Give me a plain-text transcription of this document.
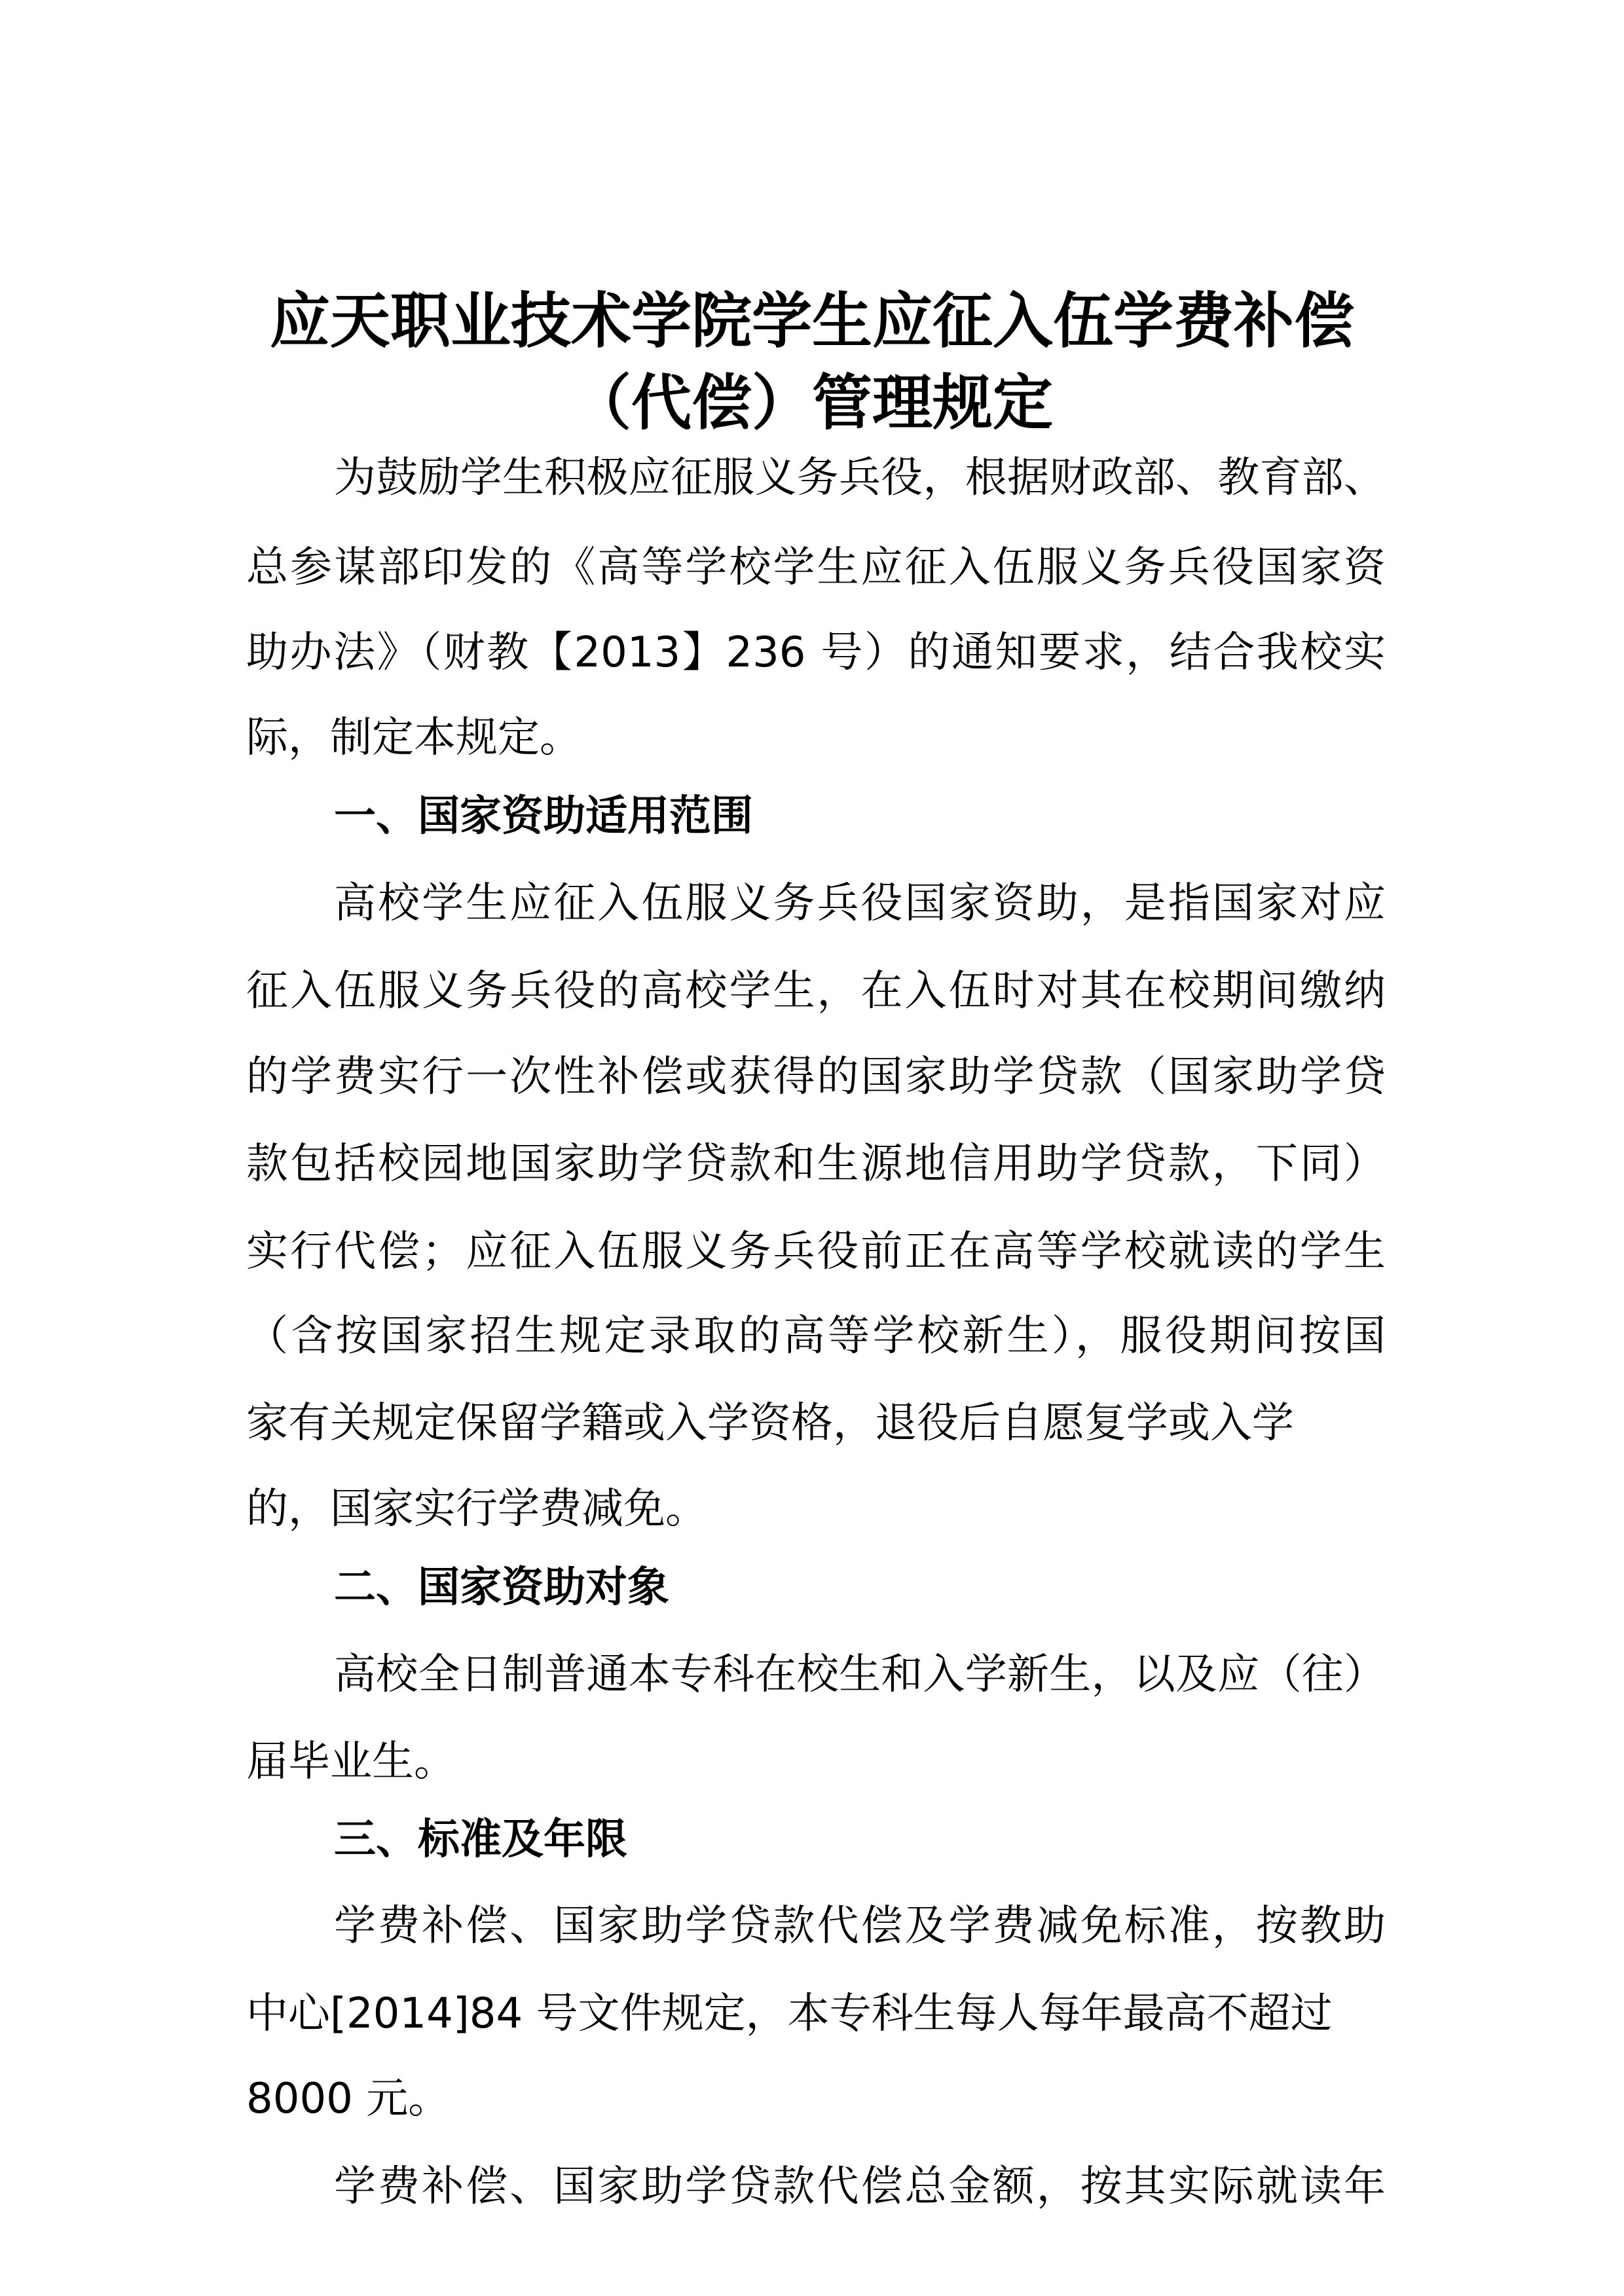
应天职业技术学院学生应征入伍学费补偿
（代偿）管理规定
为鼓励学生积极应征服义务兵役，根据财政部、教育部、
总参谋部印发的《高等学校学生应征入伍服义务兵役国家资
助办法》（财教【2013】236 号）的通知要求，结合我校实
际，制定本规定。
一、国家资助适用范围
高校学生应征入伍服义务兵役国家资助，是指国家对应
征入伍服义务兵役的高校学生，在入伍时对其在校期间缴纳
的学费实行一次性补偿或获得的国家助学贷款（国家助学贷
款包括校园地国家助学贷款和生源地信用助学贷款，下同）
实行代偿；应征入伍服义务兵役前正在高等学校就读的学生
（含按国家招生规定录取的高等学校新生），服役期间按国
家有关规定保留学籍或入学资格，退役后自愿复学或入学
的，国家实行学费减免。
二、国家资助对象
高校全日制普通本专科在校生和入学新生，以及应（往）
届毕业生。
三、标准及年限
学费补偿、国家助学贷款代偿及学费减免标准，按教助
中心[2014]84 号文件规定，本专科生每人每年最高不超过
8000 元。
学费补偿、国家助学贷款代偿总金额，按其实际就读年
